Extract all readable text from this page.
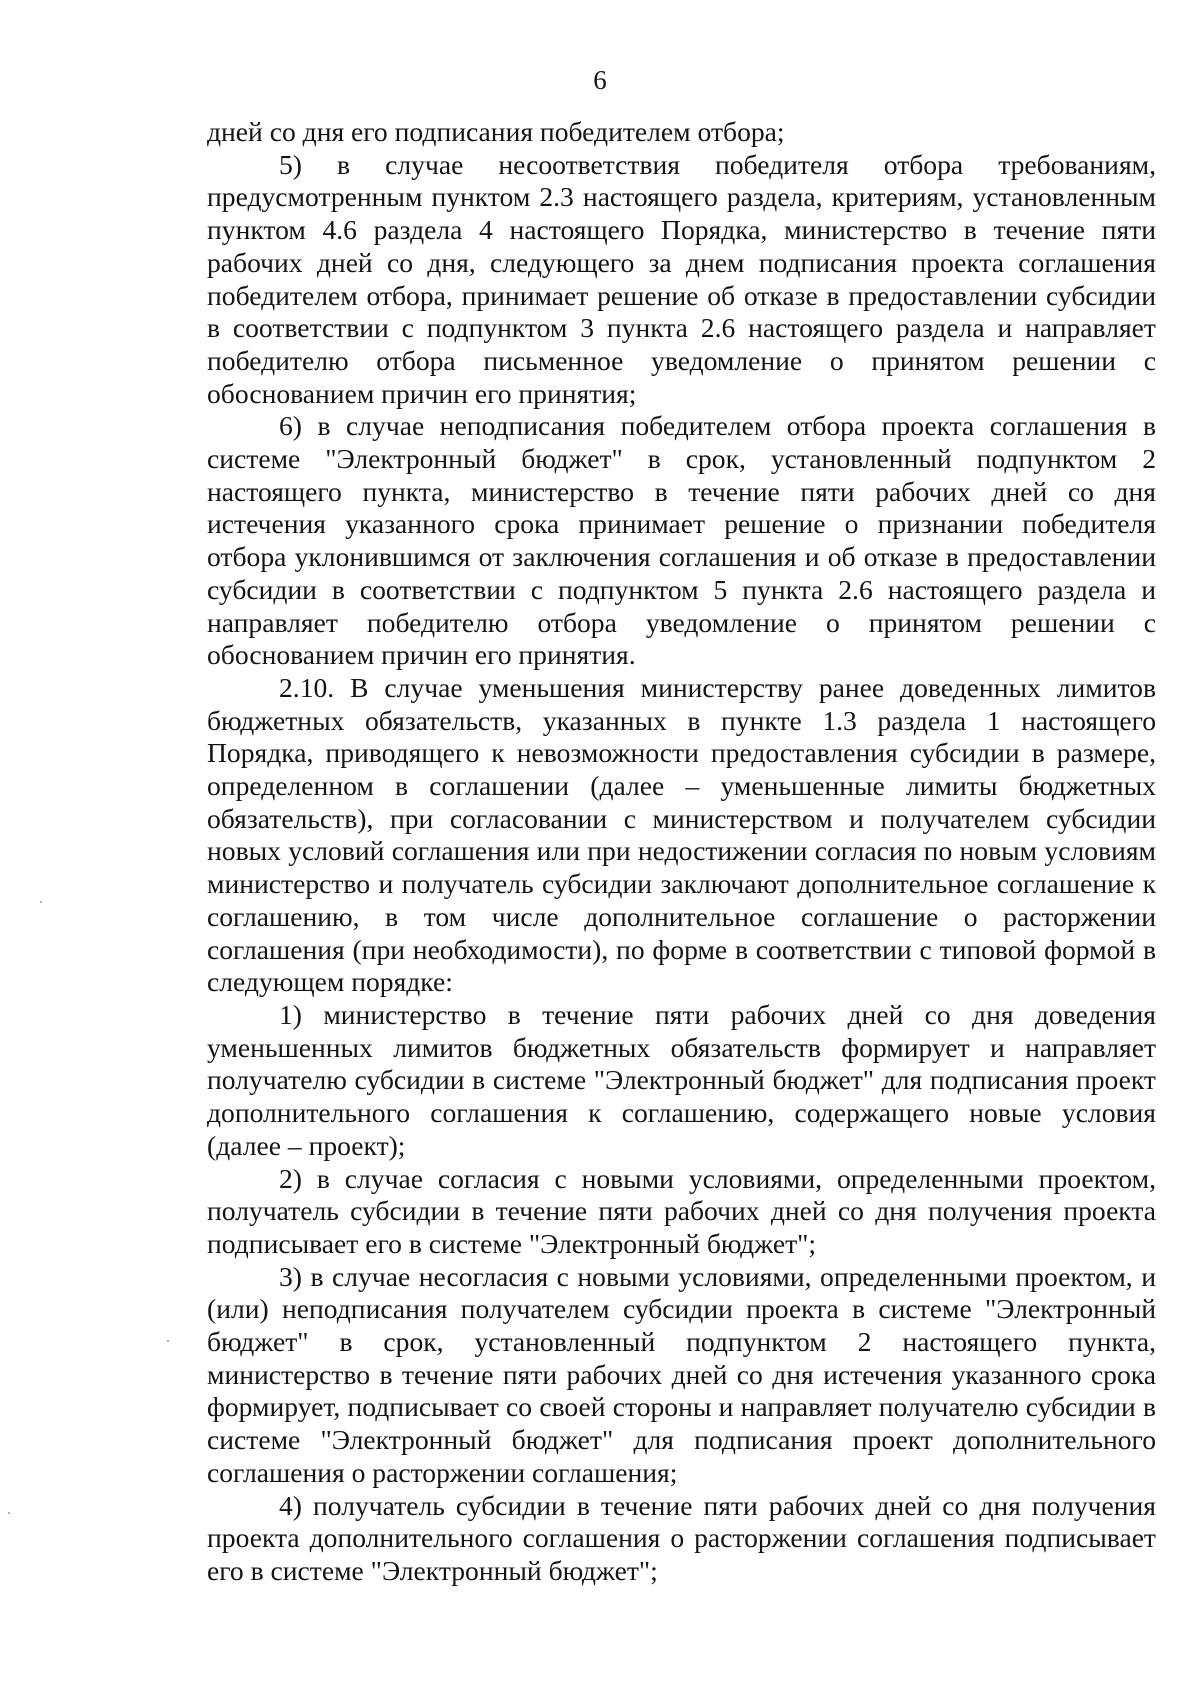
6

дней со дня его подписания победителем отбора;

5) в случае несоответствия победителя отбора требованиям, предусмотренным пунктом 2.3 настоящего раздела, критериям, установленным пунктом 4.6 раздела 4 настоящего Порядка, министерство в течение пяти рабочих дней со дня, следующего за днем подписания проекта соглашения победителем отбора, принимает решение об отказе в предоставлении субсидии в соответствии с подпунктом 3 пункта 2.6 настоящего раздела и направляет победителю отбора письменное уведомление о принятом решении с обоснованием причин его принятия;

6) в случае неподписания победителем отбора проекта соглашения в системе "Электронный бюджет" в срок, установленный подпунктом 2 настоящего пункта, министерство в течение пяти рабочих дней со дня истечения указанного срока принимает решение о признании победителя отбора уклонившимся от заключения соглашения и об отказе в предоставлении субсидии в соответствии с подпунктом 5 пункта 2.6 настоящего раздела и направляет победителю отбора уведомление о принятом решении с обоснованием причин его принятия.

2.10. В случае уменьшения министерству ранее доведенных лимитов бюджетных обязательств, указанных в пункте 1.3 раздела 1 настоящего Порядка, приводящего к невозможности предоставления субсидии в размере, определенном в соглашении (далее – уменьшенные лимиты бюджетных обязательств), при согласовании с министерством и получателем субсидии новых условий соглашения или при недостижении согласия по новым условиям министерство и получатель субсидии заключают дополнительное соглашение к соглашению, в том числе дополнительное соглашение о расторжении соглашения (при необходимости), по форме в соответствии с типовой формой в следующем порядке:

1) министерство в течение пяти рабочих дней со дня доведения уменьшенных лимитов бюджетных обязательств формирует и направляет получателю субсидии в системе "Электронный бюджет" для подписания проект дополнительного соглашения к соглашению, содержащего новые условия (далее – проект);

2) в случае согласия с новыми условиями, определенными проектом, получатель субсидии в течение пяти рабочих дней со дня получения проекта подписывает его в системе "Электронный бюджет";

3) в случае несогласия с новыми условиями, определенными проектом, и (или) неподписания получателем субсидии проекта в системе "Электронный бюджет" в срок, установленный подпунктом 2 настоящего пункта, министерство в течение пяти рабочих дней со дня истечения указанного срока формирует, подписывает со своей стороны и направляет получателю субсидии в системе "Электронный бюджет" для подписания проект дополнительного соглашения о расторжении соглашения;

4) получатель субсидии в течение пяти рабочих дней со дня получения проекта дополнительного соглашения о расторжении соглашения подписывает его в системе "Электронный бюджет";
